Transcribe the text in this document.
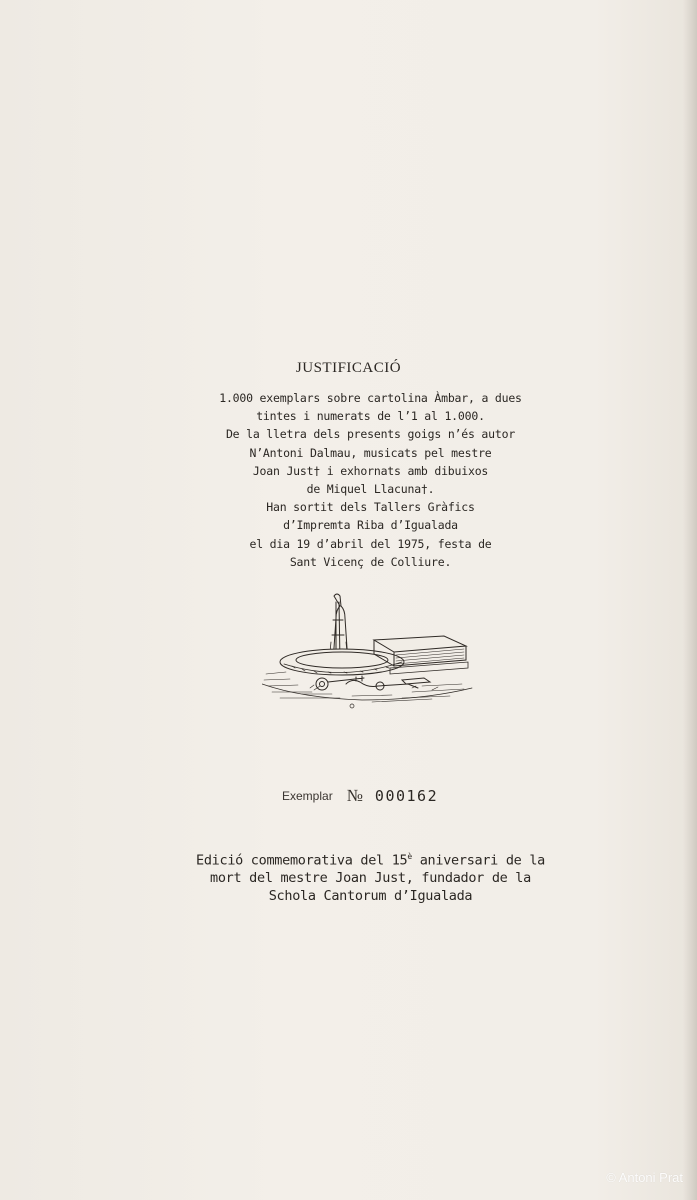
JUSTIFICACIÓ
1.000 exemplars sobre cartolina Àmbar, a dues
tintes i numerats de l’1 al 1.000.
De la lletra dels presents goigs n’és autor
N’Antoni Dalmau, musicats pel mestre
Joan Just† i exhornats amb dibuixos
de Miquel Llacuna†.
Han sortit dels Tallers Gràfics
d’Impremta Riba d’Igualada
el dia 19 d’abril del 1975, festa de
Sant Vicenç de Colliure.
Exemplar № 000162
Edició commemorativa del $15^è$ aniversari de la
mort del mestre Joan Just, fundador de la
Schola Cantorum d’Igualada
© Antoni Prat
